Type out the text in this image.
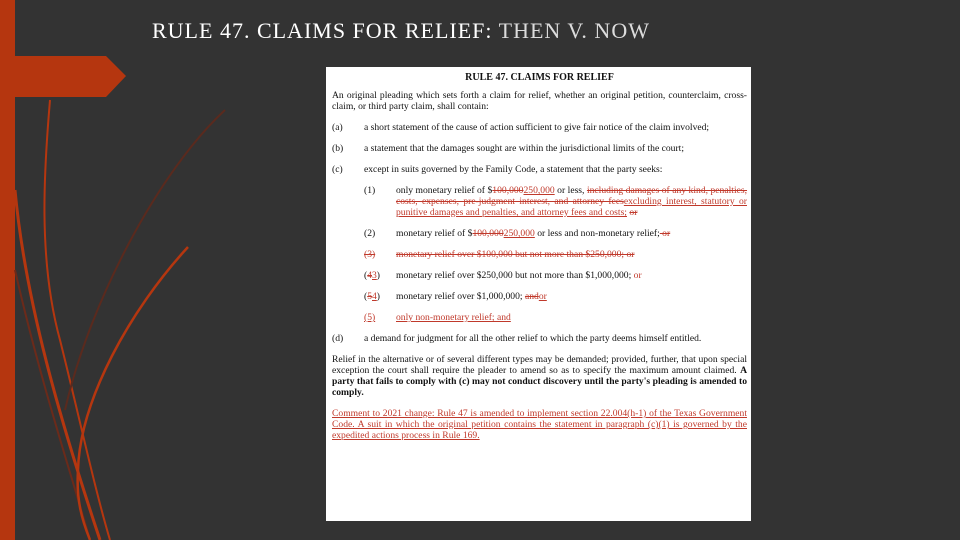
RULE 47. CLAIMS FOR RELIEF: THEN V. NOW
RULE 47. CLAIMS FOR RELIEF
An original pleading which sets forth a claim for relief, whether an original petition, counterclaim, cross-claim, or third party claim, shall contain:
(a)	a short statement of the cause of action sufficient to give fair notice of the claim involved;
(b)	a statement that the damages sought are within the jurisdictional limits of the court;
(c)	except in suits governed by the Family Code, a statement that the party seeks:
(1)	only monetary relief of $100,000250,000 or less, including damages of any kind, penalties, costs, expenses, pre-judgment interest, and attorney feesexcluding interest, statutory or punitive damages and penalties, and attorney fees and costs; or
(2)	monetary relief of $100,000250,000 or less and non-monetary relief; or
(3)	monetary relief over $100,000 but not more than $250,000; or
(43)	monetary relief over $250,000 but not more than $1,000,000; or
(54)	monetary relief over $1,000,000; andor
(5)	only non-monetary relief; and
(d)	a demand for judgment for all the other relief to which the party deems himself entitled.
Relief in the alternative or of several different types may be demanded; provided, further, that upon special exception the court shall require the pleader to amend so as to specify the maximum amount claimed. A party that fails to comply with (c) may not conduct discovery until the party's pleading is amended to comply.
Comment to 2021 change: Rule 47 is amended to implement section 22.004(h-1) of the Texas Government Code. A suit in which the original petition contains the statement in paragraph (c)(1) is governed by the expedited actions process in Rule 169.
